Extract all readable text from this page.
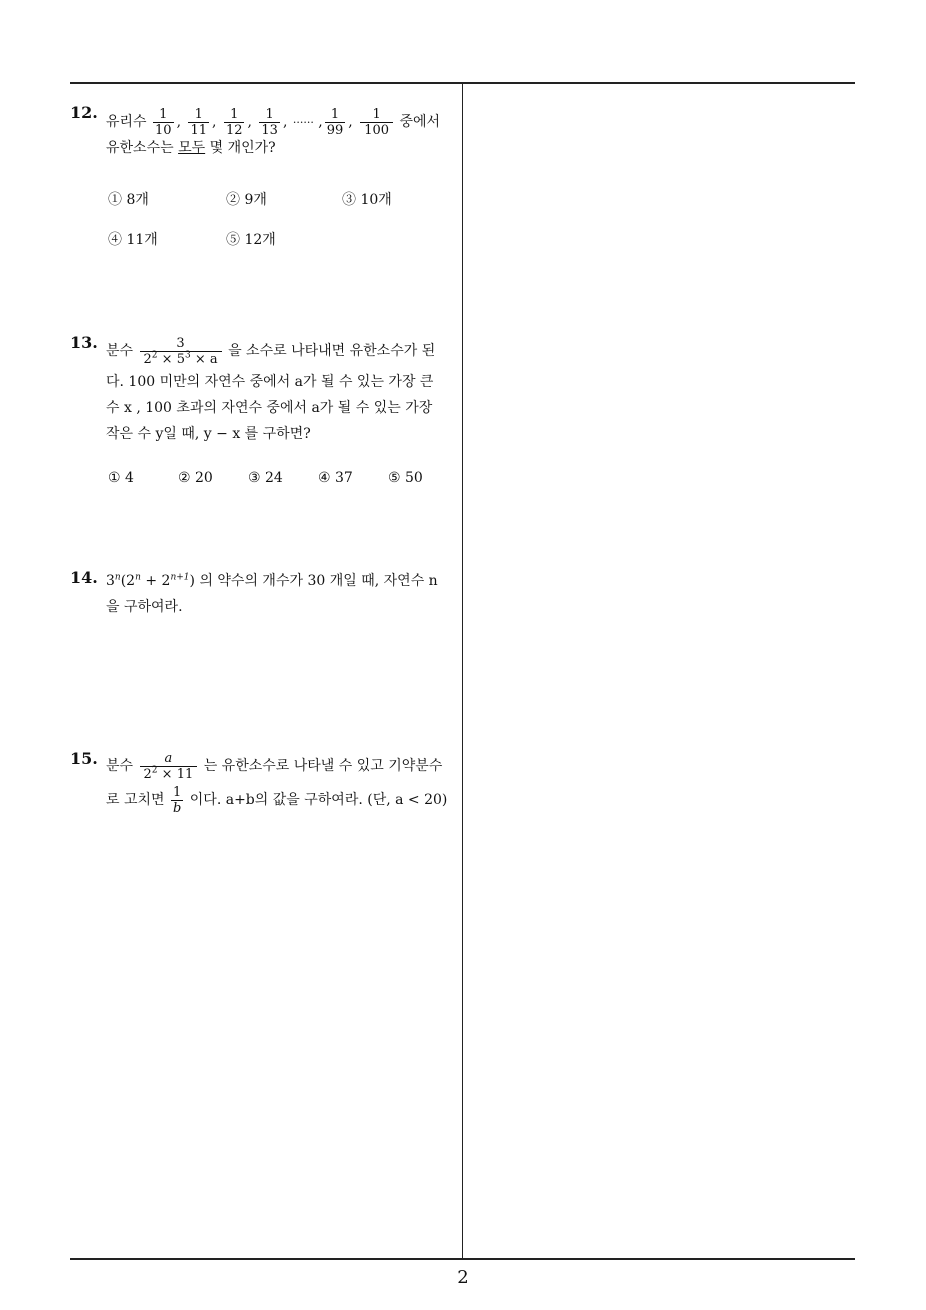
12. 유리수 $\frac{1}{10}$ , $\frac{1}{11}$ , $\frac{1}{12}$ , $\frac{1}{13}$ , ······ , $\frac{1}{99}$ , $\frac{1}{100}$ 중에서
유한소수는 모두 몇 개인가?
① 8개	② 9개	③ 10개
④ 11개	⑤ 12개
13. 분수 $\frac{3}{2^2 \times 5^3 \times a}$ 을 소수로 나타내면 유한소수가 된
다. 100 미만의 자연수 중에서 a가 될 수 있는 가장 큰
수 x , 100 초과의 자연수 중에서 a가 될 수 있는 가장
작은 수 y일 때, y − x 를 구하면?
① 4	② 20	③ 24	④ 37	⑤ 50
14. $3^n(2^n + 2^{n+1})$ 의 약수의 개수가 30 개일 때, 자연수 n
을 구하여라.
15. 분수 $\frac{a}{2^2 \times 11}$ 는 유한소수로 나타낼 수 있고 기약분수
로 고치면 $\frac{1}{b}$ 이다. a+b의 값을 구하여라. (단, a < 20)
2
